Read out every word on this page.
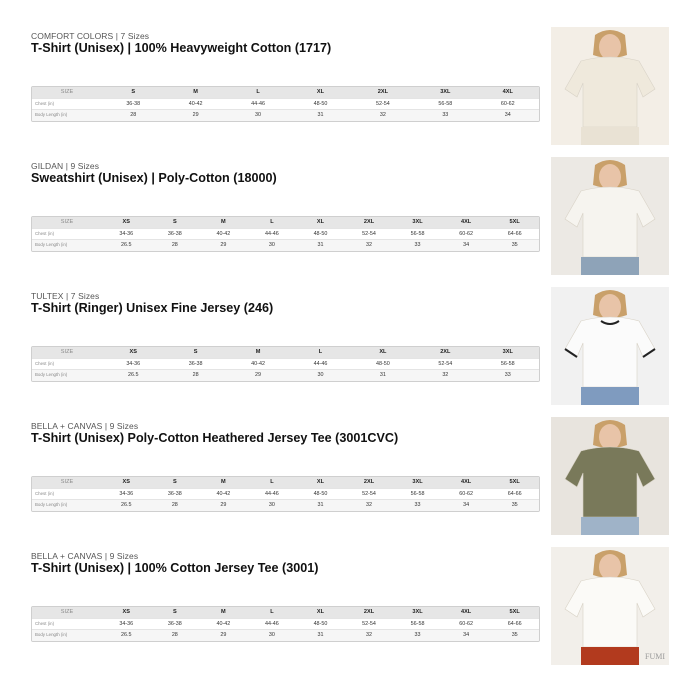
COMFORT COLORS | 7 Sizes
T-Shirt (Unisex) | 100% Heavyweight Cotton (1717)
SIZE	S	M	L	XL	2XL	3XL	4XL
Chest (in)	36-38	40-42	44-46	48-50	52-54	56-58	60-62
Body Length (in)	28	29	30	31	32	33	34
GILDAN | 9 Sizes
Sweatshirt (Unisex) | Poly-Cotton (18000)
SIZE	XS	S	M	L	XL	2XL	3XL	4XL	5XL
Chest (in)	34-36	36-38	40-42	44-46	48-50	52-54	56-58	60-62	64-66
Body Length (in)	26.5	28	29	30	31	32	33	34	35
TULTEX | 7 Sizes
T-Shirt (Ringer) Unisex Fine Jersey (246)
SIZE	XS	S	M	L	XL	2XL	3XL
Chest (in)	34-36	36-38	40-42	44-46	48-50	52-54	56-58
Body Length (in)	26.5	28	29	30	31	32	33
BELLA + CANVAS | 9 Sizes
T-Shirt (Unisex) Poly-Cotton Heathered Jersey Tee (3001CVC)
SIZE	XS	S	M	L	XL	2XL	3XL	4XL	5XL
Chest (in)	34-36	36-38	40-42	44-46	48-50	52-54	56-58	60-62	64-66
Body Length (in)	26.5	28	29	30	31	32	33	34	35
BELLA + CANVAS | 9 Sizes
T-Shirt (Unisex) | 100% Cotton Jersey Tee (3001)
SIZE	XS	S	M	L	XL	2XL	3XL	4XL	5XL
Chest (in)	34-36	36-38	40-42	44-46	48-50	52-54	56-58	60-62	64-66
Body Length (in)	26.5	28	29	30	31	32	33	34	35
FUMI
